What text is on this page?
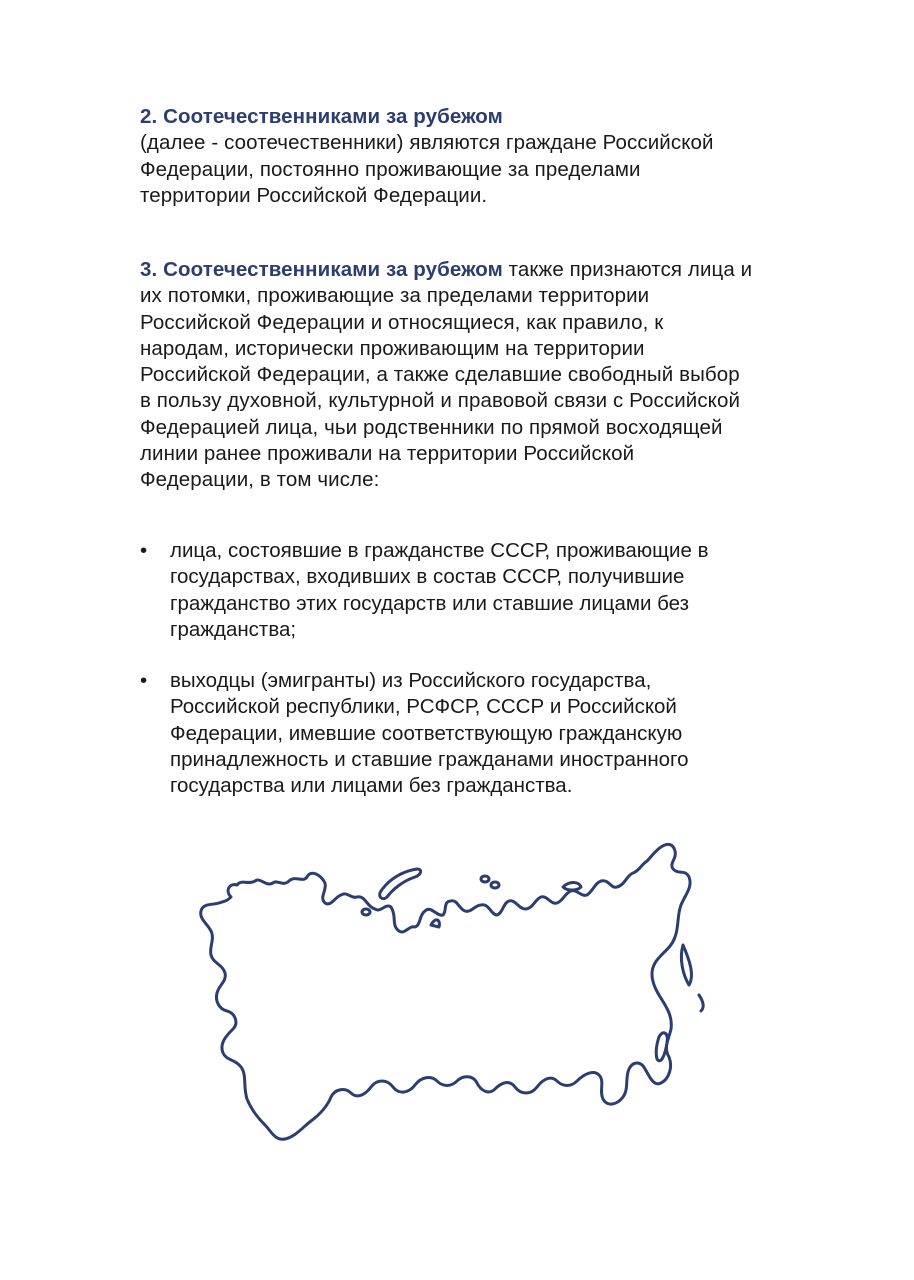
2. Соотечественниками за рубежом
(далее - соотечественники) являются граждане Российской
Федерации, постоянно проживающие за пределами
территории Российской Федерации.
3. Соотечественниками за рубежом также признаются лица и
их потомки, проживающие за пределами территории
Российской Федерации и относящиеся, как правило, к
народам, исторически проживающим на территории
Российской Федерации, а также сделавшие свободный выбор
в пользу духовной, культурной и правовой связи с Российской
Федерацией лица, чьи родственники по прямой восходящей
линии ранее проживали на территории Российской
Федерации, в том числе:
•	лица, состоявшие в гражданстве СССР, проживающие в
государствах, входивших в состав СССР, получившие
гражданство этих государств или ставшие лицами без
гражданства;
•	выходцы (эмигранты) из Российского государства,
Российской республики, РСФСР, СССР и Российской
Федерации, имевшие соответствующую гражданскую
принадлежность и ставшие гражданами иностранного
государства или лицами без гражданства.
